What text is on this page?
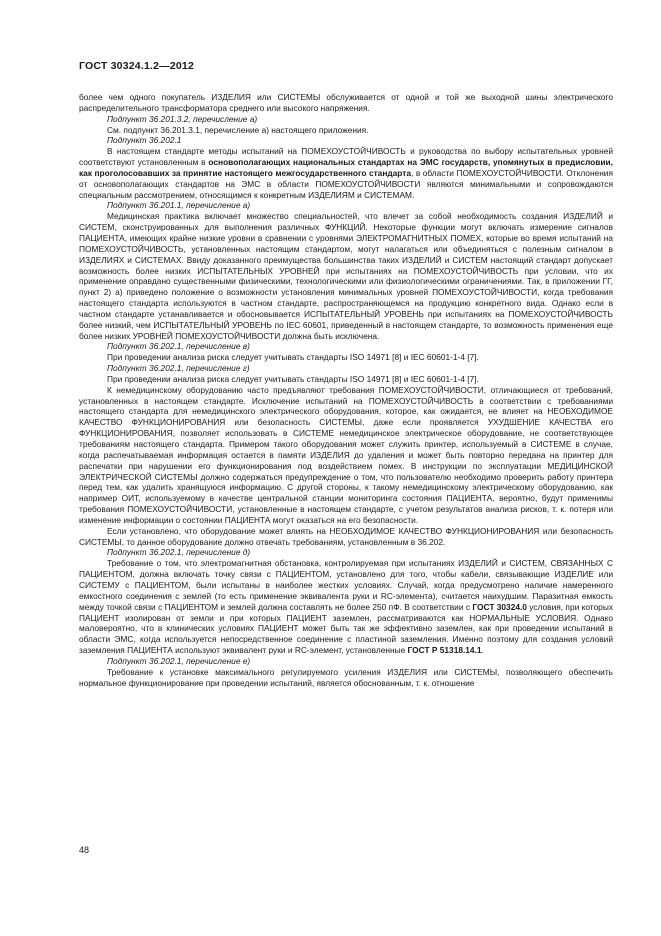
ГОСТ 30324.1.2—2012

более чем одного покупатель ИЗДЕЛИЯ или СИСТЕМЫ обслуживается от одной и той же выходной шины электрического распределительного трансформатора среднего или высокого напряжения.

Подпункт 36.201.3.2, перечисление а)

См. подпункт 36.201.3.1, перечисление а) настоящего приложения.

Подпункт 36.202.1

В настоящем стандарте методы испытаний на ПОМЕХОУСТОЙЧИВОСТЬ и руководства по выбору испытательных уровней соответствуют установленным в основополагающих национальных стандартах на ЭМС государств, упомянутых в предисловии, как проголосовавших за принятие настоящего межгосударственного стандарта, в области ПОМЕХОУСТОЙЧИВОСТИ. Отклонения от основополагающих стандартов на ЭМС в области ПОМЕХОУСТОЙЧИВОСТИ являются минимальными и сопровождаются специальным рассмотрением, относящимся к конкретным ИЗДЕЛИЯМ и СИСТЕМАМ.

Подпункт 36.201.1, перечисление а)

Медицинская практика включает множество специальностей, что влечет за собой необходимость создания ИЗДЕЛИЙ и СИСТЕМ, сконструированных для выполнения различных ФУНКЦИЙ. Некоторые функции могут включать измерение сигналов ПАЦИЕНТА, имеющих крайне низкие уровни в сравнении с уровнями ЭЛЕКТРОМАГНИТНЫХ ПОМЕХ, которые во время испытаний на ПОМЕХОУСТОЙЧИВОСТЬ, установленных настоящим стандартом, могут налагаться или объединяться с полезным сигналом в ИЗДЕЛИЯХ и СИСТЕМАХ. Ввиду доказанного преимущества большинства таких ИЗДЕЛИЙ и СИСТЕМ настоящий стандарт допускает возможность более низких ИСПЫТАТЕЛЬНЫХ УРОВНЕЙ при испытаниях на ПОМЕХОУСТОЙЧИВОСТЬ при условии, что их применение оправдано существенными физическими, технологическими или физиологическими ограничениями. Так, в приложении ГГ, пункт 2) а) приведено положение о возможности установления минимальных уровней ПОМЕХОУСТОЙЧИВОСТИ, когда требования настоящего стандарта используются в частном стандарте, распространяющемся на продукцию конкретного вида. Однако если в частном стандарте устанавливается и обосновывается ИСПЫТАТЕЛЬНЫЙ УРОВЕНЬ при испытаниях на ПОМЕХОУСТОЙЧИВОСТЬ более низкий, чем ИСПЫТАТЕЛЬНЫЙ УРОВЕНЬ по IEC 60601, приведенный в настоящем стандарте, то возможность применения еще более низких УРОВНЕЙ ПОМЕХОУСТОЙЧИВОСТИ должна быть исключена.

Подпункт 36.202.1, перечисление в)

При проведении анализа риска следует учитывать стандарты ISO 14971 [8] и IEC 60601-1-4 [7].

Подпункт 36.202.1, перечисление г)

При проведении анализа риска следует учитывать стандарты ISO 14971 [8] и IEC 60601-1-4 [7].

К немедицинскому оборудованию часто предъявляют требования ПОМЕХОУСТОЙЧИВОСТИ, отличающиеся от требований, установленных в настоящем стандарте. Исключение испытаний на ПОМЕХОУСТОЙЧИВОСТЬ в соответствии с требованиями настоящего стандарта для немедицинского электрического оборудования, которое, как ожидается, не влияет на НЕОБХОДИМОЕ КАЧЕСТВО ФУНКЦИОНИРОВАНИЯ или безопасность СИСТЕМЫ, даже если проявляется УХУДШЕНИЕ КАЧЕСТВА его ФУНКЦИОНИРОВАНИЯ, позволяет использовать в СИСТЕМЕ немедицинское электрическое оборудование, не соответствующее требованиям настоящего стандарта. Примером такого оборудования может служить принтер, используемый в СИСТЕМЕ в случае, когда распечатываемая информация остается в памяти ИЗДЕЛИЯ до удаления и может быть повторно передана на принтер для распечатки при нарушении его функционирования под воздействием помех. В инструкции по эксплуатации МЕДИЦИНСКОЙ ЭЛЕКТРИЧЕСКОЙ СИСТЕМЫ должно содержаться предупреждение о том, что пользователю необходимо проверить работу принтера перед тем, как удалить хранящуюся информацию. С другой стороны, к такому немедицинскому электрическому оборудованию, как например ОИТ, используемому в качестве центральной станции мониторинга состояния ПАЦИЕНТА, вероятно, будут применимы требования ПОМЕХОУСТОЙЧИВОСТИ, установленные в настоящем стандарте, с учетом результатов анализа рисков, т. к. потеря или изменение информации о состоянии ПАЦИЕНТА могут оказаться на его безопасности.

Если установлено, что оборудование может влиять на НЕОБХОДИМОЕ КАЧЕСТВО ФУНКЦИОНИРОВАНИЯ или безопасность СИСТЕМЫ, то данное оборудование должно отвечать требованиям, установленным в 36.202.

Подпункт 36.202.1, перечисление д)

Требование о том, что электромагнитная обстановка, контролируемая при испытаниях ИЗДЕЛИЙ и СИСТЕМ, СВЯЗАННЫХ С ПАЦИЕНТОМ, должна включать точку связи с ПАЦИЕНТОМ, установлено для того, чтобы кабели, связывающие ИЗДЕЛИЕ или СИСТЕМУ с ПАЦИЕНТОМ, были испытаны в наиболее жестких условиях. Случай, когда предусмотрено наличие намеренного емкостного соединения с землей (то есть применение эквивалента руки и RC-элемента), считается наихудшим. Паразитная емкость между точкой связи с ПАЦИЕНТОМ и землей должна составлять не более 250 пФ. В соответствии с ГОСТ 30324.0 условия, при которых ПАЦИЕНТ изолирован от земли и при которых ПАЦИЕНТ заземлен, рассматриваются как НОРМАЛЬНЫЕ УСЛОВИЯ. Однако маловероятно, что в клинических условиях ПАЦИЕНТ может быть так же эффективно заземлен, как при проведении испытаний в области ЭМС, когда используется непосредственное соединение с пластиной заземления. Именно поэтому для создания условий заземления ПАЦИЕНТА используют эквивалент руки и RC-элемент, установленные ГОСТ Р 51318.14.1.

Подпункт 36.202.1, перечисление е)

Требование к установке максимального регулируемого усиления ИЗДЕЛИЯ или СИСТЕМЫ, позволяющего обеспечить нормальное функционирование при проведении испытаний, является обоснованным, т. к. отношение

48
